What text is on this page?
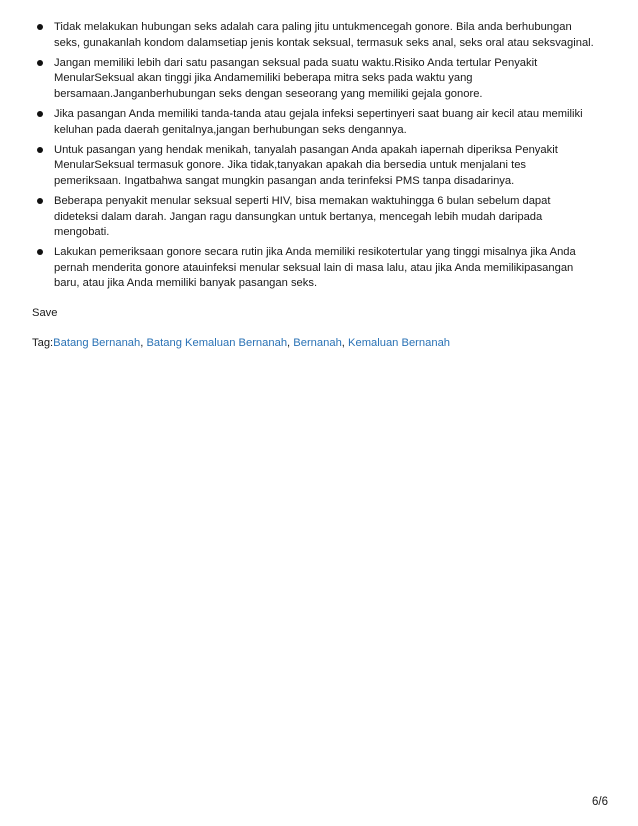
Tidak melakukan hubungan seks adalah cara paling jitu untukmencegah gonore. Bila anda berhubungan
seks, gunakanlah kondom dalamsetiap jenis kontak seksual, termasuk seks anal, seks oral atau seksvaginal.
Jangan memiliki lebih dari satu pasangan seksual pada suatu waktu.Risiko Anda tertular Penyakit
MenularSeksual akan tinggi jika Andamemiliki beberapa mitra seks pada waktu yang
bersamaan.Janganberhubungan seks dengan seseorang yang memiliki gejala gonore.
Jika pasangan Anda memiliki tanda-tanda atau gejala infeksi sepertinyeri saat buang air kecil atau memiliki
keluhan pada daerah genitalnya,jangan berhubungan seks dengannya.
Untuk pasangan yang hendak menikah, tanyalah pasangan Anda apakah iapernah diperiksa Penyakit
MenularSeksual termasuk gonore. Jika tidak,tanyakan apakah dia bersedia untuk menjalani tes
pemeriksaan. Ingatbahwa sangat mungkin pasangan anda terinfeksi PMS tanpa disadarinya.
Beberapa penyakit menular seksual seperti HIV, bisa memakan waktuhingga 6 bulan sebelum dapat
dideteksi dalam darah. Jangan ragu dansungkan untuk bertanya, mencegah lebih mudah daripada
mengobati.
Lakukan pemeriksaan gonore secara rutin jika Anda memiliki resikotertular yang tinggi misalnya jika Anda
pernah menderita gonore atauinfeksi menular seksual lain di masa lalu, atau jika Anda memilikipasangan
baru, atau jika Anda memiliki banyak pasangan seks.
Save
Tag:Batang Bernanah, Batang Kemaluan Bernanah, Bernanah, Kemaluan Bernanah
6/6
